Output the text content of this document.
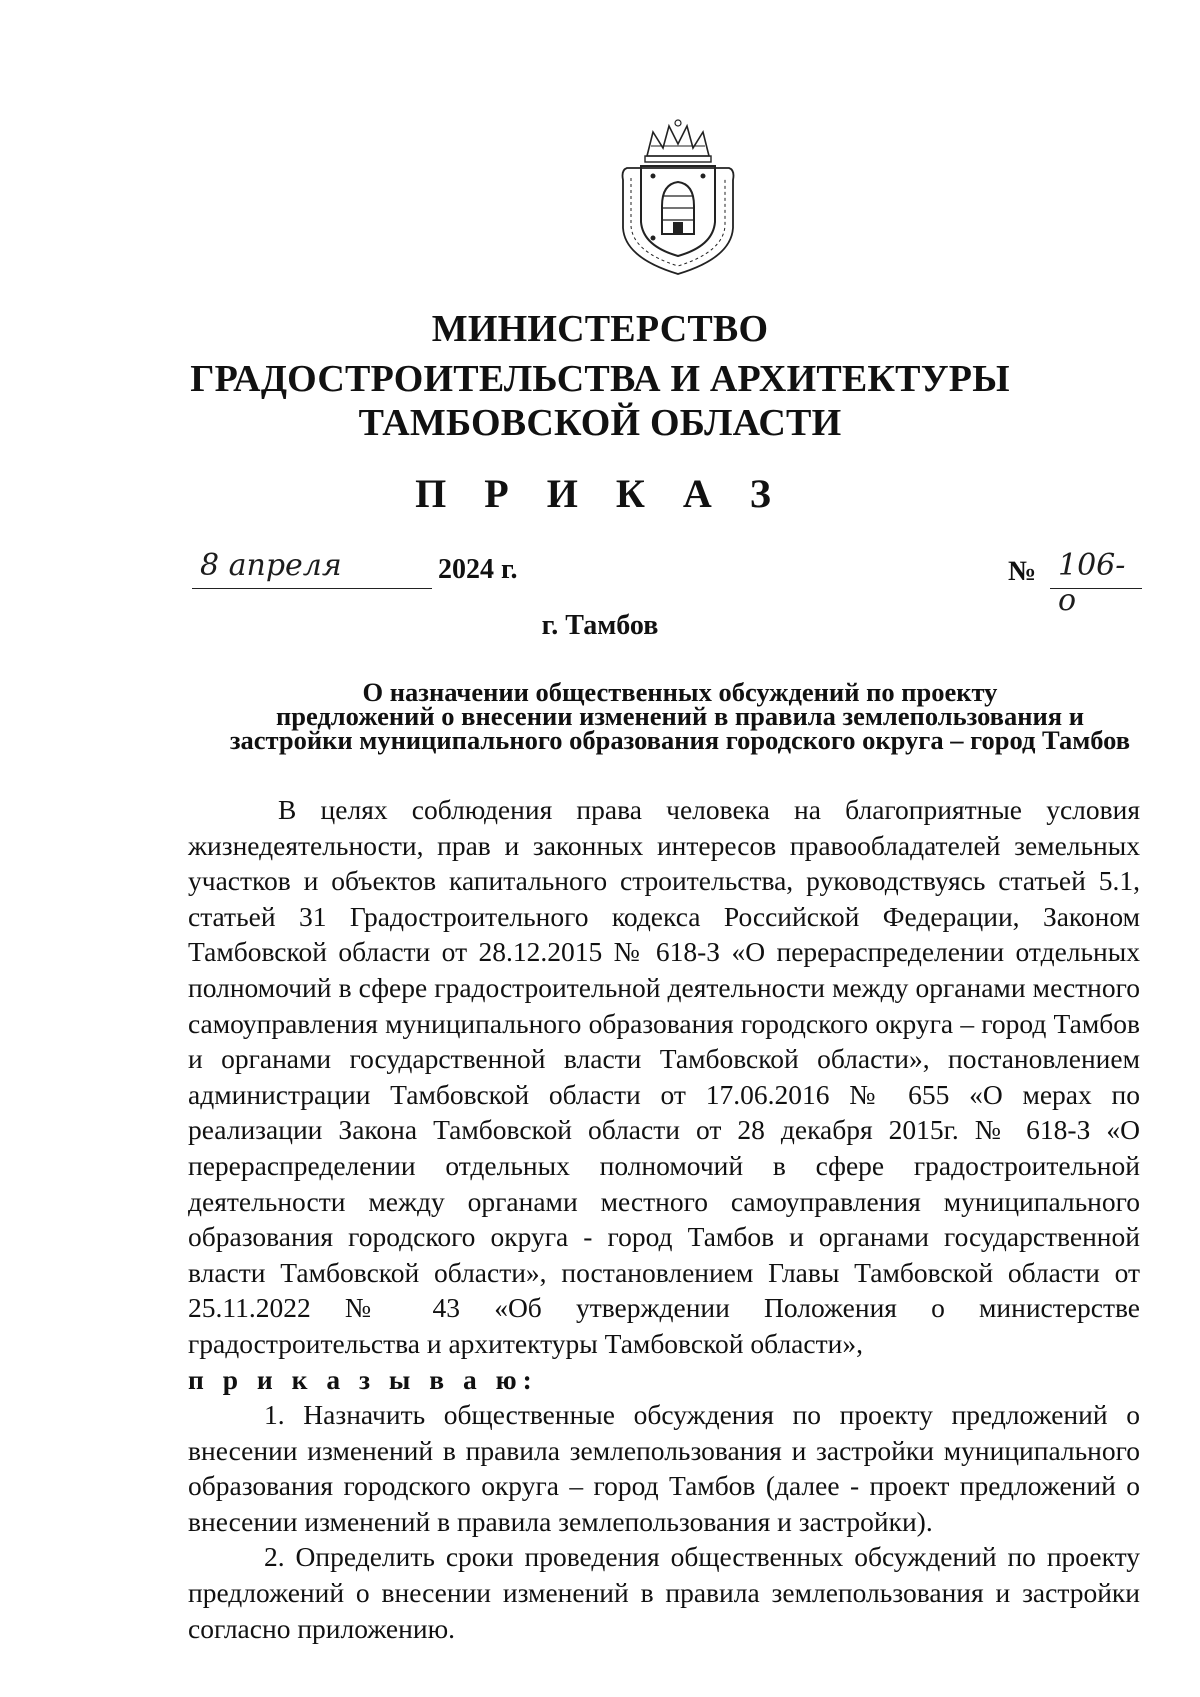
МИНИСТЕРСТВО
ГРАДОСТРОИТЕЛЬСТВА И АРХИТЕКТУРЫ
ТАМБОВСКОЙ ОБЛАСТИ
П Р И К А З
8 апреля	2024 г.	№ 106-о
г. Тамбов
О назначении общественных обсуждений по проекту
предложений о внесении изменений в правила землепользования и
застройки муниципального образования городского округа – город Тамбов

В целях соблюдения права человека на благоприятные условия жизнедеятельности, прав и законных интересов правообладателей земельных участков и объектов капитального строительства, руководствуясь статьей 5.1, статьей 31 Градостроительного кодекса Российской Федерации, Законом Тамбовской области от 28.12.2015 № 618-З «О перераспределении отдельных полномочий в сфере градостроительной деятельности между органами местного самоуправления муниципального образования городского округа – город Тамбов и органами государственной власти Тамбовской области», постановлением администрации Тамбовской области от 17.06.2016 № 655 «О мерах по реализации Закона Тамбовской области от 28 декабря 2015г. № 618-З «О перераспределении отдельных полномочий в сфере градостроительной деятельности между органами местного самоуправления муниципального образования городского округа - город Тамбов и органами государственной власти Тамбовской области», постановлением Главы Тамбовской области от 25.11.2022 № 43 «Об утверждении Положения о министерстве градостроительства и архитектуры Тамбовской области»,
п р и к а з ы в а ю:

1. Назначить общественные обсуждения по проекту предложений о внесении изменений в правила землепользования и застройки муниципального образования городского округа – город Тамбов (далее - проект предложений о внесении изменений в правила землепользования и застройки).

2. Определить сроки проведения общественных обсуждений по проекту предложений о внесении изменений в правила землепользования и застройки согласно приложению.
